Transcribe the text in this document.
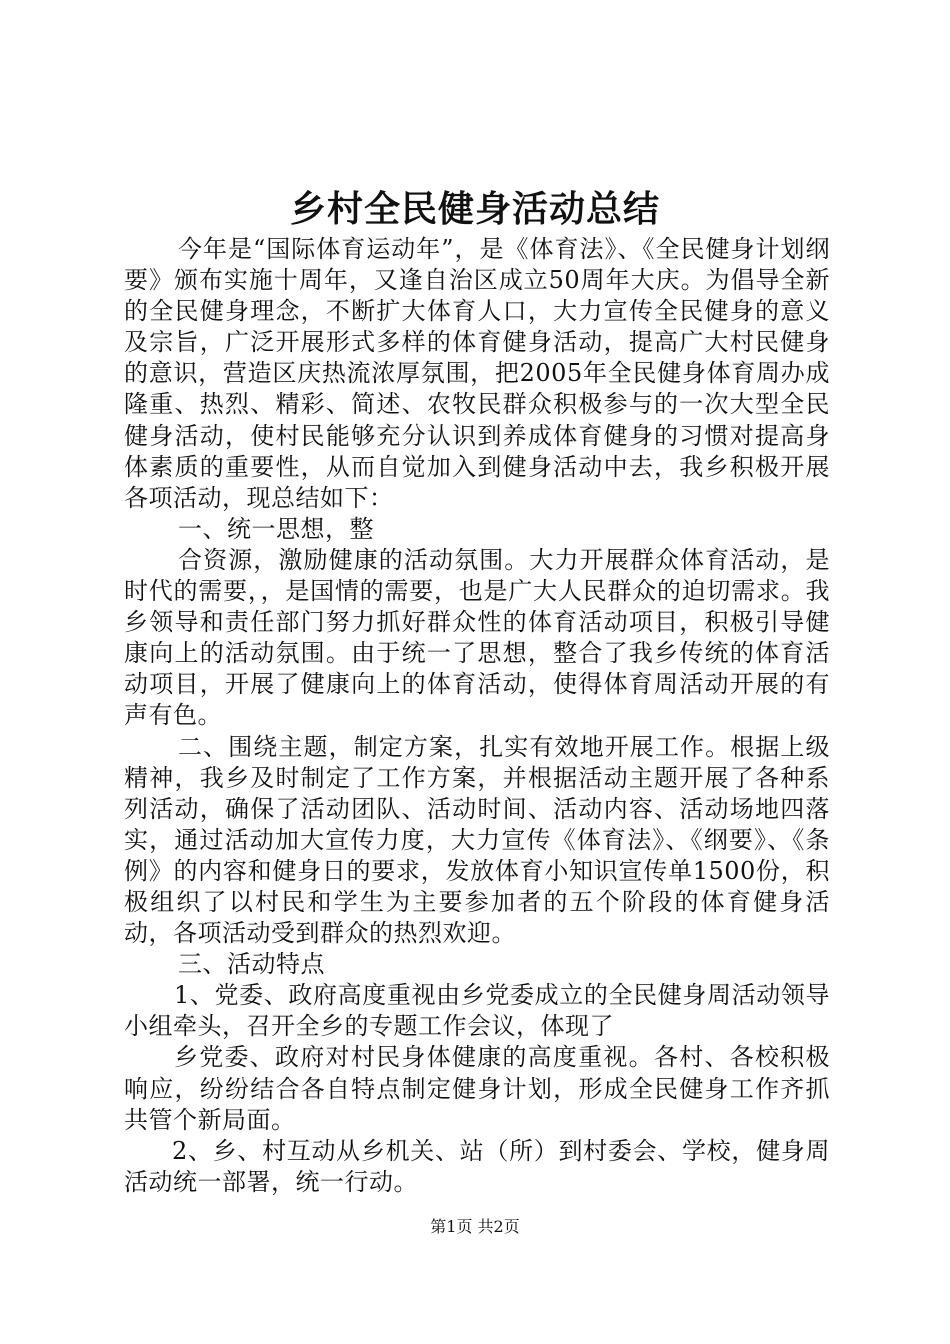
乡村全民健身活动总结

今年是“国际体育运动年”，是《体育法》、《全民健身计划纲要》颁布实施十周年，又逢自治区成立50周年大庆。为倡导全新的全民健身理念，不断扩大体育人口，大力宣传全民健身的意义及宗旨，广泛开展形式多样的体育健身活动，提高广大村民健身的意识，营造区庆热流浓厚氛围，把2005年全民健身体育周办成隆重、热烈、精彩、简述、农牧民群众积极参与的一次大型全民健身活动，使村民能够充分认识到养成体育健身的习惯对提高身体素质的重要性，从而自觉加入到健身活动中去，我乡积极开展各项活动，现总结如下：

一、统一思想，整

合资源，激励健康的活动氛围。大力开展群众体育活动，是时代的需要，，是国情的需要，也是广大人民群众的迫切需求。我乡领导和责任部门努力抓好群众性的体育活动项目，积极引导健康向上的活动氛围。由于统一了思想，整合了我乡传统的体育活动项目，开展了健康向上的体育活动，使得体育周活动开展的有声有色。

二、围绕主题，制定方案，扎实有效地开展工作。根据上级精神，我乡及时制定了工作方案，并根据活动主题开展了各种系列活动，确保了活动团队、活动时间、活动内容、活动场地四落实，通过活动加大宣传力度，大力宣传《体育法》、《纲要》、《条例》的内容和健身日的要求，发放体育小知识宣传单1500份，积极组织了以村民和学生为主要参加者的五个阶段的体育健身活动，各项活动受到群众的热烈欢迎。

三、活动特点

1、党委、政府高度重视由乡党委成立的全民健身周活动领导小组牵头，召开全乡的专题工作会议，体现了

乡党委、政府对村民身体健康的高度重视。各村、各校积极响应，纷纷结合各自特点制定健身计划，形成全民健身工作齐抓共管个新局面。

2、乡、村互动从乡机关、站（所）到村委会、学校，健身周活动统一部署，统一行动。

第1页 共2页
